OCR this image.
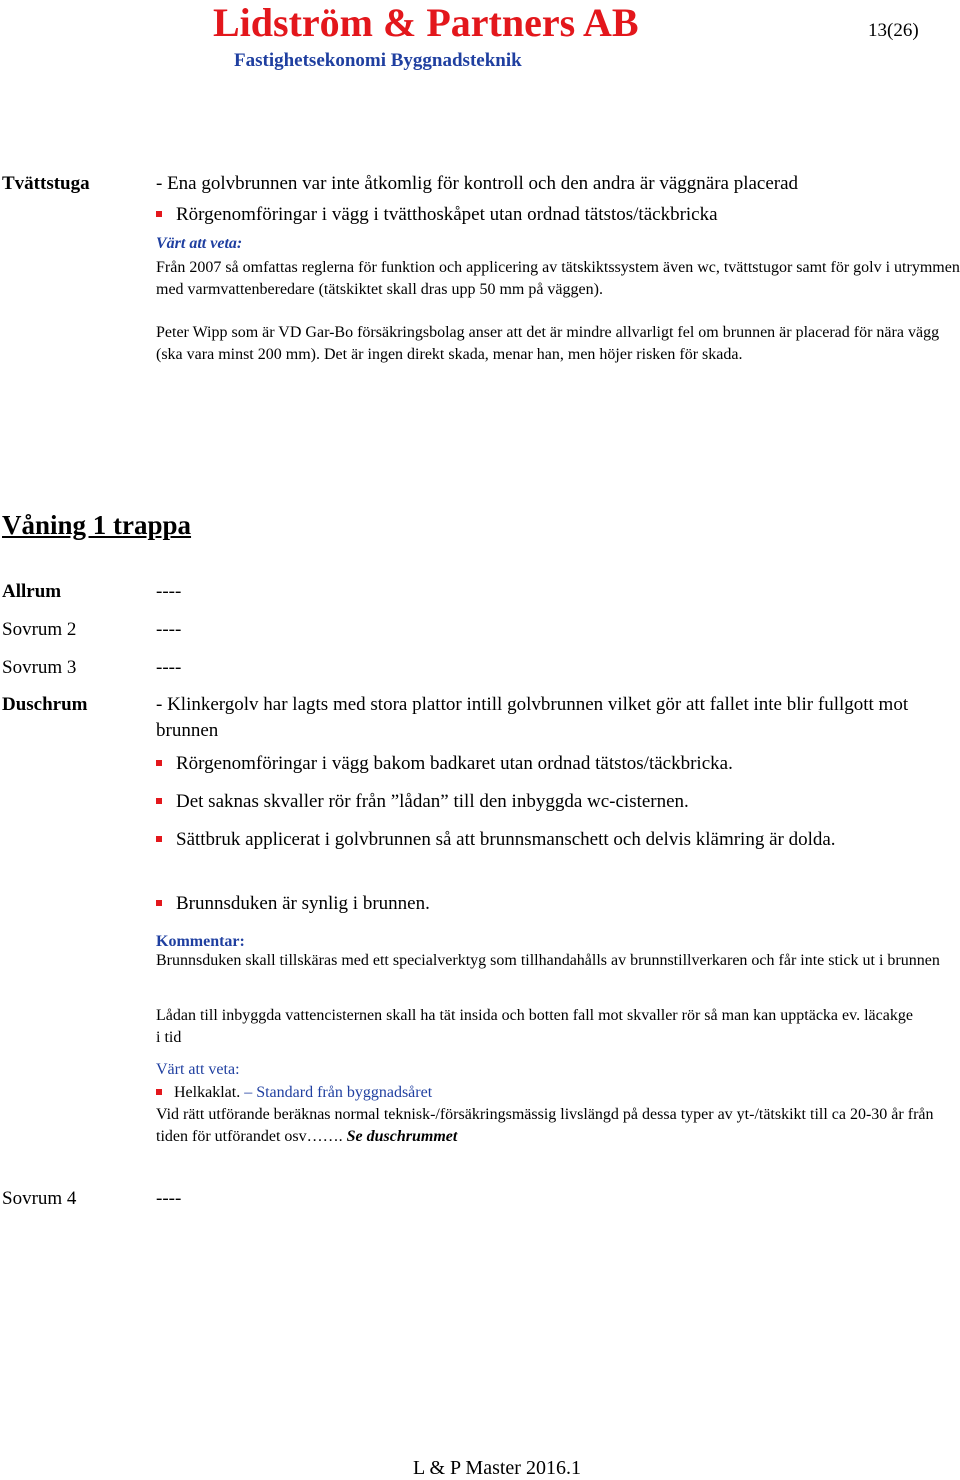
Lidström & Partners AB
Fastighetsekonomi Byggnadsteknik
13(26)
Tvättstuga	- Ena golvbrunnen var inte åtkomlig för kontroll och den andra är väggnära placerad
Rörgenomföringar i vägg i tvätthoskåpet utan ordnad tätstos/täckbricka
Värt att veta:
Från 2007 så omfattas reglerna för funktion och applicering av tätskiktssystem även wc, tvättstugor samt för golv i utrymmen med varmvattenberedare (tätskiktet skall dras upp 50 mm på väggen).
Peter Wipp som är VD Gar-Bo försäkringsbolag anser att det är mindre allvarligt fel om brunnen är placerad för nära vägg (ska vara minst 200 mm). Det är ingen direkt skada, menar han, men höjer risken för skada.
Våning 1 trappa
Allrum	----
Sovrum 2	----
Sovrum 3	----
Duschrum	- Klinkergolv har lagts med stora plattor intill golvbrunnen vilket gör att fallet inte blir fullgott mot brunnen
Rörgenomföringar i vägg bakom badkaret utan ordnad tätstos/täckbricka.
Det saknas skvaller rör från ”lådan” till den inbyggda wc-cisternen.
Sättbruk applicerat i golvbrunnen så att brunnsmanschett och delvis klämring är dolda.
Brunnsduken är synlig i brunnen.
Kommentar:
Brunnsduken skall tillskäras med ett specialverktyg som tillhandahålls av brunnstillverkaren och får inte stick ut i brunnen
Lådan till inbyggda vattencisternen skall ha tät insida och botten fall mot skvaller rör så man kan upptäcka ev. läcakge i tid
Värt att veta:
Helkaklat. – Standard från byggnadsåret
Vid rätt utförande beräknas normal teknisk-/försäkringsmässig livslängd på dessa typer av yt-/tätskikt till ca 20-30 år från tiden för utförandet osv……. Se duschrummet
Sovrum 4	----
L & P Master 2016.1
